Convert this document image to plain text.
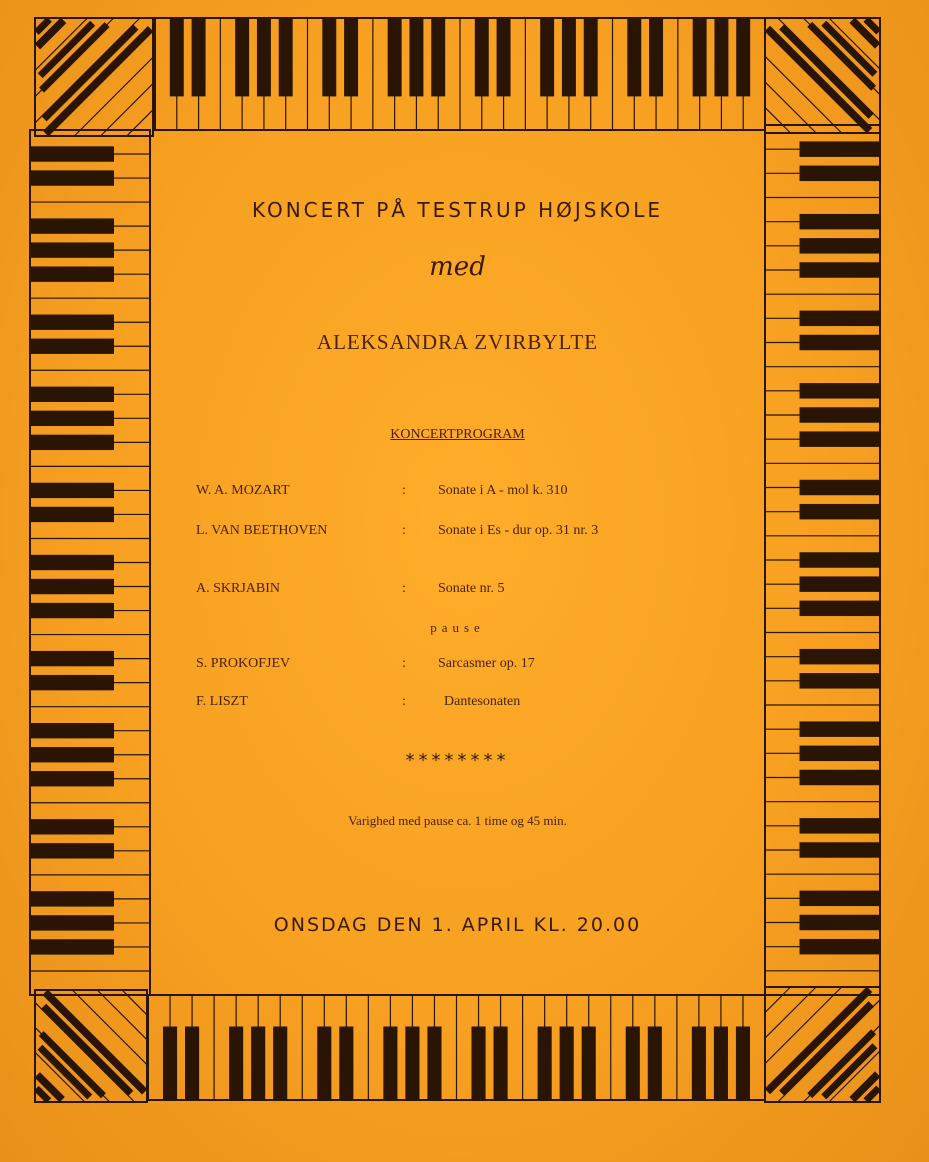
KONCERT PÅ TESTRUP HØJSKOLE
med
ALEKSANDRA ZVIRBYLTE
KONCERTPROGRAM
W. A. MOZART	: Sonate i A - mol k. 310
L. VAN BEETHOVEN	: Sonate i Es - dur op. 31 nr. 3
A. SKRJABIN	: Sonate nr. 5
pause
S. PROKOFJEV	: Sarcasmer op. 17
F. LISZT	:	Dantesonaten
********
Varighed med pause ca. 1 time og 45 min.
ONSDAG DEN 1. APRIL KL. 20.00
